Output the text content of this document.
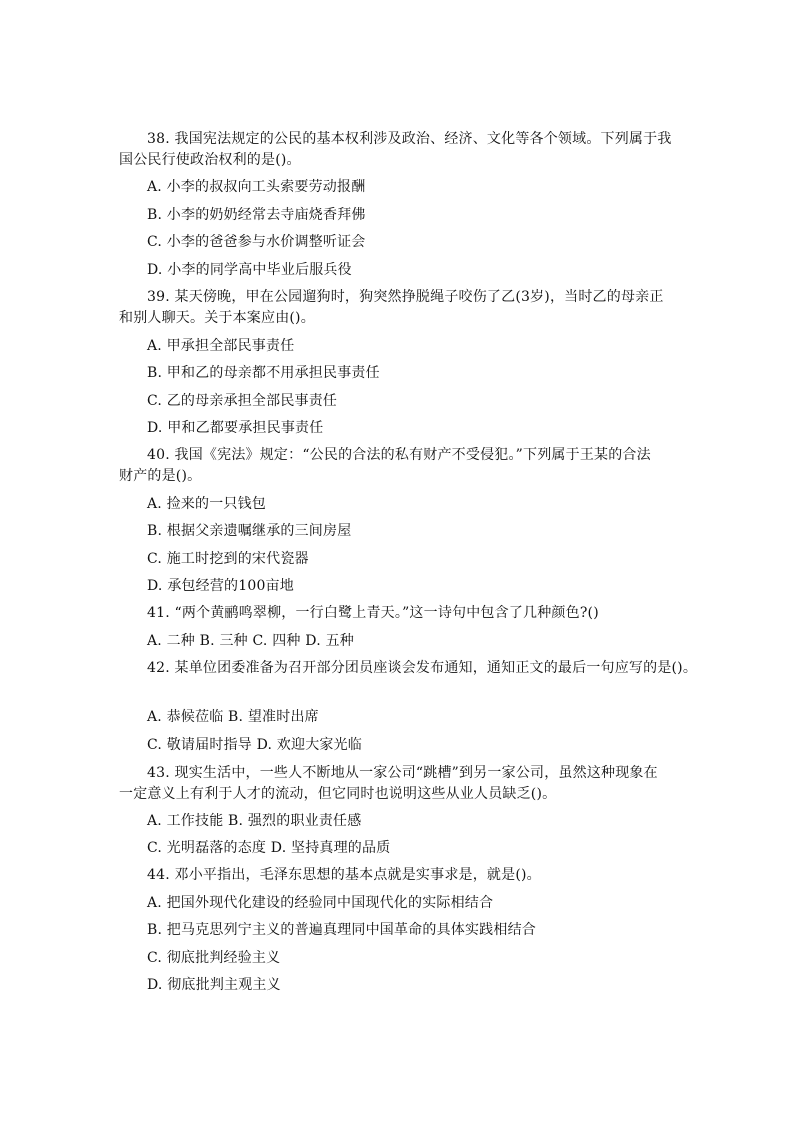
38. 我国宪法规定的公民的基本权利涉及政治、经济、文化等各个领域。下列属于我
国公民行使政治权利的是()。
A. 小李的叔叔向工头索要劳动报酬
B. 小李的奶奶经常去寺庙烧香拜佛
C. 小李的爸爸参与水价调整听证会
D. 小李的同学高中毕业后服兵役
39. 某天傍晚，甲在公园遛狗时，狗突然挣脱绳子咬伤了乙(3岁)，当时乙的母亲正
和别人聊天。关于本案应由()。
A. 甲承担全部民事责任
B. 甲和乙的母亲都不用承担民事责任
C. 乙的母亲承担全部民事责任
D. 甲和乙都要承担民事责任
40. 我国《宪法》规定：“公民的合法的私有财产不受侵犯。”下列属于王某的合法
财产的是()。
A. 捡来的一只钱包
B. 根据父亲遗嘱继承的三间房屋
C. 施工时挖到的宋代瓷器
D. 承包经营的100亩地
41. “两个黄鹂鸣翠柳，一行白鹭上青天。”这一诗句中包含了几种颜色?()
A. 二种 B. 三种 C. 四种 D. 五种
42. 某单位团委准备为召开部分团员座谈会发布通知，通知正文的最后一句应写的是()。
A. 恭候莅临 B. 望准时出席
C. 敬请届时指导 D. 欢迎大家光临
43. 现实生活中，一些人不断地从一家公司“跳槽”到另一家公司，虽然这种现象在
一定意义上有利于人才的流动，但它同时也说明这些从业人员缺乏()。
A. 工作技能 B. 强烈的职业责任感
C. 光明磊落的态度 D. 坚持真理的品质
44. 邓小平指出，毛泽东思想的基本点就是实事求是，就是()。
A. 把国外现代化建设的经验同中国现代化的实际相结合
B. 把马克思列宁主义的普遍真理同中国革命的具体实践相结合
C. 彻底批判经验主义
D. 彻底批判主观主义
